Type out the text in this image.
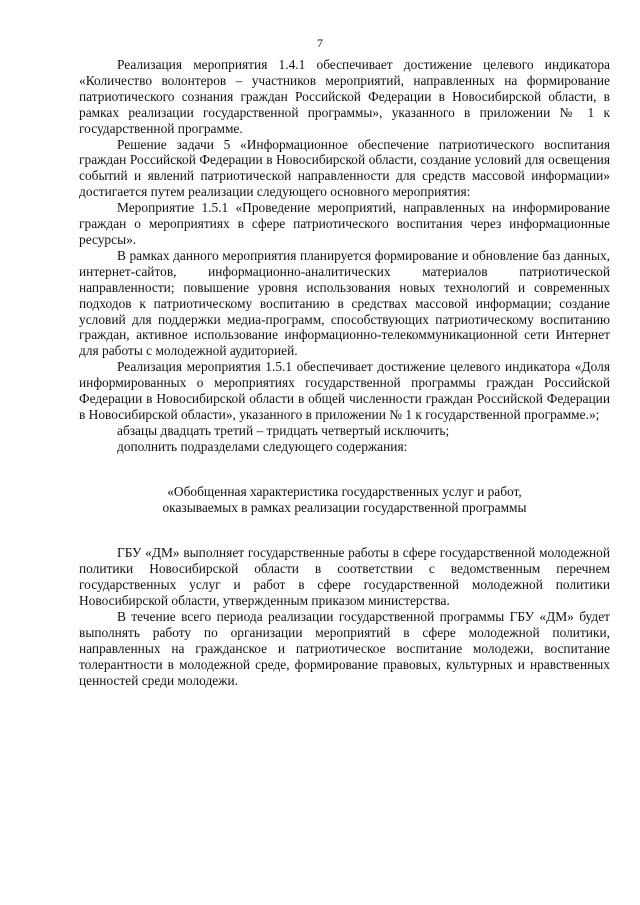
7

Реализация мероприятия 1.4.1 обеспечивает достижение целевого индикатора «Количество волонтеров – участников мероприятий, направленных на формирование патриотического сознания граждан Российской Федерации в Новосибирской области, в рамках реализации государственной программы», указанного в приложении № 1 к государственной программе.

Решение задачи 5 «Информационное обеспечение патриотического воспитания граждан Российской Федерации в Новосибирской области, создание условий для освещения событий и явлений патриотической направленности для средств массовой информации» достигается путем реализации следующего основного мероприятия:

Мероприятие 1.5.1 «Проведение мероприятий, направленных на информирование граждан о мероприятиях в сфере патриотического воспитания через информационные ресурсы».

В рамках данного мероприятия планируется формирование и обновление баз данных, интернет-сайтов, информационно-аналитических материалов патриотической направленности; повышение уровня использования новых технологий и современных подходов к патриотическому воспитанию в средствах массовой информации; создание условий для поддержки медиа-программ, способствующих патриотическому воспитанию граждан, активное использование информационно-телекоммуникационной сети Интернет для работы с молодежной аудиторией.

Реализация мероприятия 1.5.1 обеспечивает достижение целевого индикатора «Доля информированных о мероприятиях государственной программы граждан Российской Федерации в Новосибирской области в общей численности граждан Российской Федерации в Новосибирской области», указанного в приложении № 1 к государственной программе.»;

абзацы двадцать третий – тридцать четвертый исключить;

дополнить подразделами следующего содержания:

«Обобщенная характеристика государственных услуг и работ,
оказываемых в рамках реализации государственной программы

ГБУ «ДМ» выполняет государственные работы в сфере государственной молодежной политики Новосибирской области в соответствии с ведомственным перечнем государственных услуг и работ в сфере государственной молодежной политики Новосибирской области, утвержденным приказом министерства.

В течение всего периода реализации государственной программы ГБУ «ДМ» будет выполнять работу по организации мероприятий в сфере молодежной политики, направленных на гражданское и патриотическое воспитание молодежи, воспитание толерантности в молодежной среде, формирование правовых, культурных и нравственных ценностей среди молодежи.
